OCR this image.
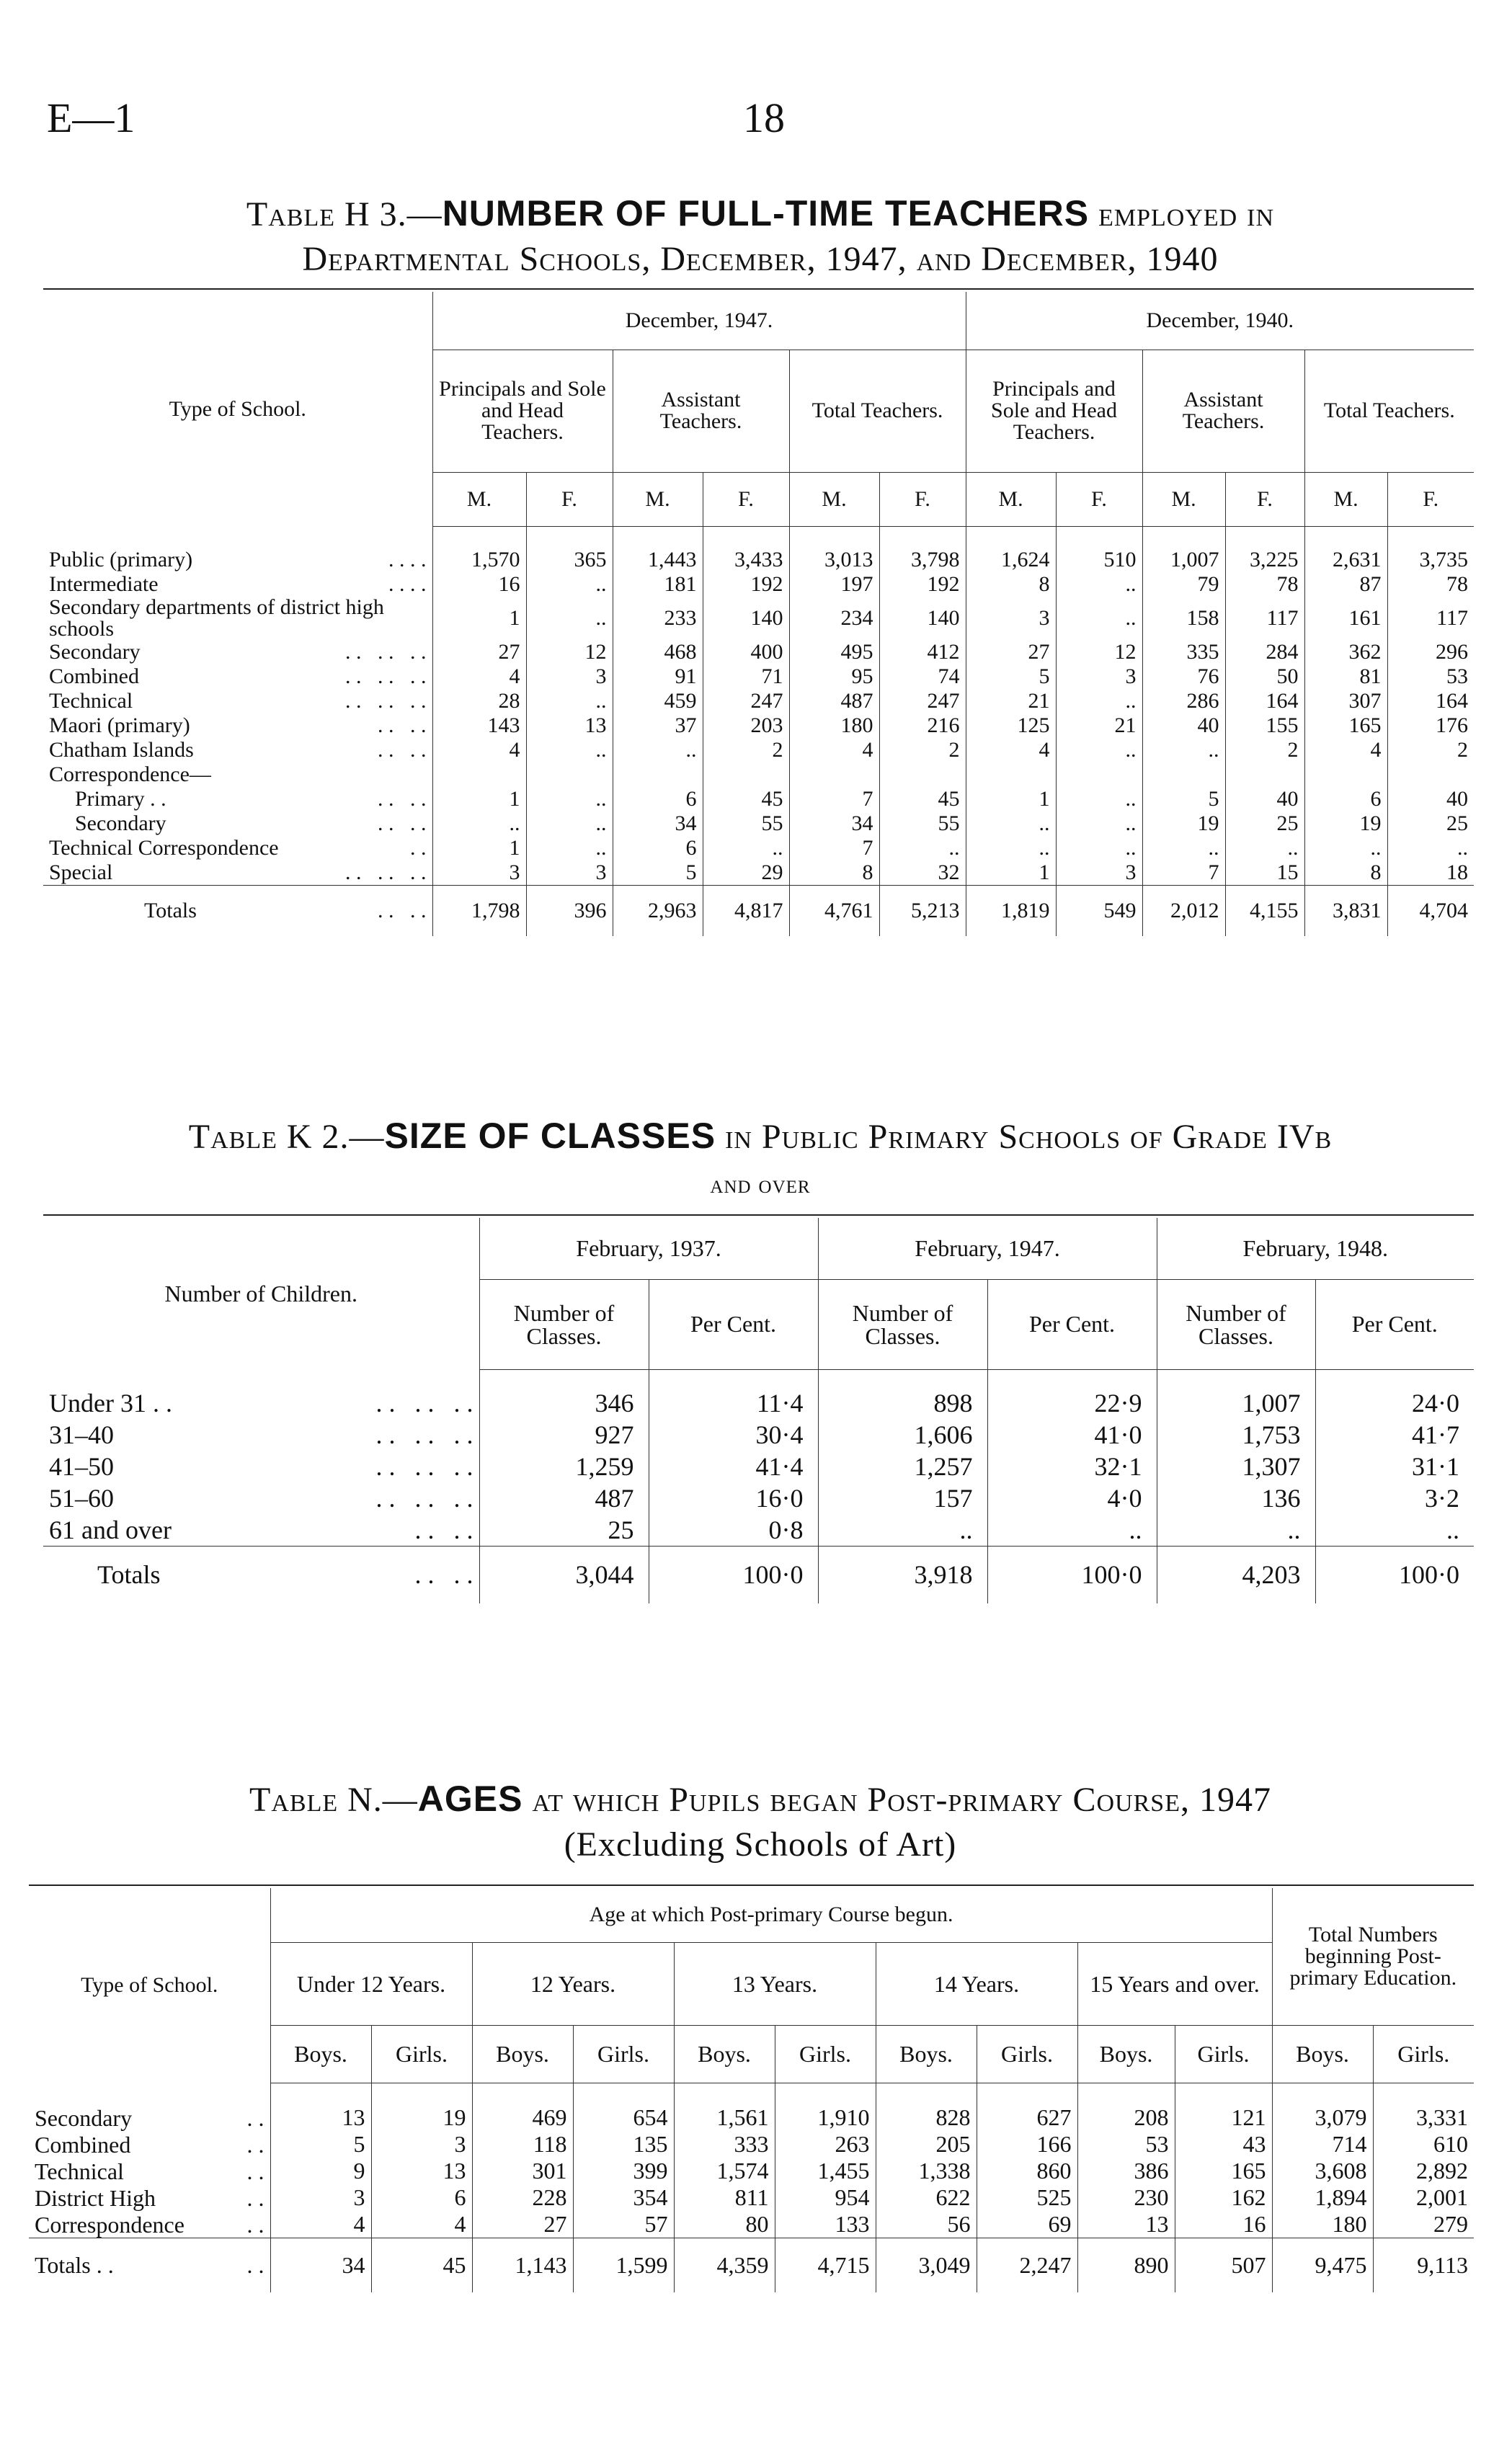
E—1	18
Table H 3.—NUMBER OF FULL-TIME TEACHERS employed in
Departmental Schools, December, 1947, and December, 1940
Type of School.	December, 1947.						December, 1940.					
	Principals and Sole and Head Teachers.		Assistant Teachers.		Total Teachers.		Principals and Sole and Head Teachers.		Assistant Teachers.		Total Teachers.	
	M.	F.	M.	F.	M.	F.	M.	F.	M.	F.	M.	F.

Public (primary) . . . .	1,570	365	1,443	3,433	3,013	3,798	1,624	510	1,007	3,225	2,631	3,735
Intermediate . . . .	16	..	181	192	197	192	8	..	79	78	87	78
Secondary departments of district high schools	1	..	233	140	234	140	3	..	158	117	161	117
Secondary . .   . .   . .	27	12	468	400	495	412	27	12	335	284	362	296
Combined . .   . .   . .	4	3	91	71	95	74	5	3	76	50	81	53
Technical . .   . .   . .	28	..	459	247	487	247	21	..	286	164	307	164
Maori (primary) . .   . .	143	13	37	203	180	216	125	21	40	155	165	176
Chatham Islands . .   . .	4	..	..	2	4	2	4	..	..	2	4	2
Correspondence—												
Primary . . . .   . .	1	..	6	45	7	45	1	..	5	40	6	40
Secondary . .   . .	..	..	34	55	34	55	..	..	19	25	19	25
Technical Correspondence . .	1	..	6	..	7	..	..	..	..	..	..	..
Special . .   . .   . .	3	3	5	29	8	32	1	3	7	15	8	18
Totals . .   . .	1,798	396	2,963	4,817	4,761	5,213	1,819	549	2,012	4,155	3,831	4,704
Table K 2.—SIZE OF CLASSES in Public Primary Schools of Grade IVb
and over
Number of Children.	February, 1937.		February, 1947.		February, 1948.	
	Number of Classes.	Per Cent.	Number of Classes.	Per Cent.	Number of Classes.	Per Cent.

Under 31 . . . .   . .   . .	346	11·4	898	22·9	1,007	24·0
31–40 . .   . .   . .	927	30·4	1,606	41·0	1,753	41·7
41–50 . .   . .   . .	1,259	41·4	1,257	32·1	1,307	31·1
51–60 . .   . .   . .	487	16·0	157	4·0	136	3·2
61 and over . .   . .	25	0·8	..	..	..	..
Totals . .   . .	3,044	100·0	3,918	100·0	4,203	100·0
Table N.—AGES at which Pupils began Post-primary Course, 1947
(Excluding Schools of Art)
Type of School.	Age at which Post-primary Course begun.										Total Numbers beginning Post-primary Education.	
	Under 12 Years.		12 Years.		13 Years.		14 Years.		15 Years and over.			
	Boys.	Girls.	Boys.	Girls.	Boys.	Girls.	Boys.	Girls.	Boys.	Girls.	Boys.	Girls.

Secondary . .	13	19	469	654	1,561	1,910	828	627	208	121	3,079	3,331
Combined . .	5	3	118	135	333	263	205	166	53	43	714	610
Technical . .	9	13	301	399	1,574	1,455	1,338	860	386	165	3,608	2,892
District High . .	3	6	228	354	811	954	622	525	230	162	1,894	2,001
Correspondence . .	4	4	27	57	80	133	56	69	13	16	180	279
Totals . . . .	34	45	1,143	1,599	4,359	4,715	3,049	2,247	890	507	9,475	9,113
